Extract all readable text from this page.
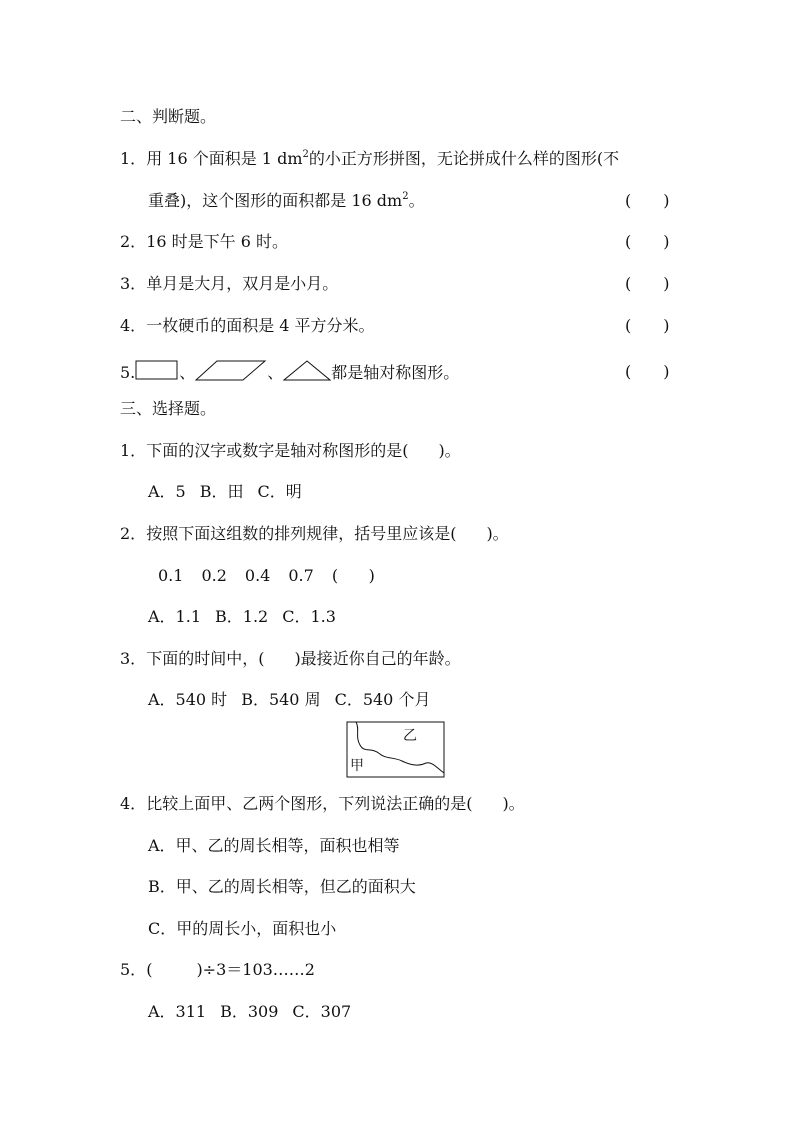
二、判断题。
1．用 16 个面积是 1 $dm^2$的小正方形拼图，无论拼成什么样的图形(不
重叠)，这个图形的面积都是 16 $dm^2$。	( )
2．16 时是下午 6 时。	( )
3．单月是大月，双月是小月。	( )
4．一枚硬币的面积是 4 平方分米。	( )
5.	、	、	都是轴对称图形。	( )
三、选择题。
1．下面的汉字或数字是轴对称图形的是( )。
A．5 B．田 C．明
2．按照下面这组数的排列规律，括号里应该是( )。
0.1 0.2 0.4 0.7 (      )
A．1.1 B．1.2 C．1.3
3．下面的时间中，( )最接近你自己的年龄。
A．540 时 B．540 周 C．540 个月
乙
甲
4．比较上面甲、乙两个图形，下列说法正确的是( )。
A．甲、乙的周长相等，面积也相等
B．甲、乙的周长相等，但乙的面积大
C．甲的周长小，面积也小
5．(	)÷3＝103……2
A．311 B．309 C．307
